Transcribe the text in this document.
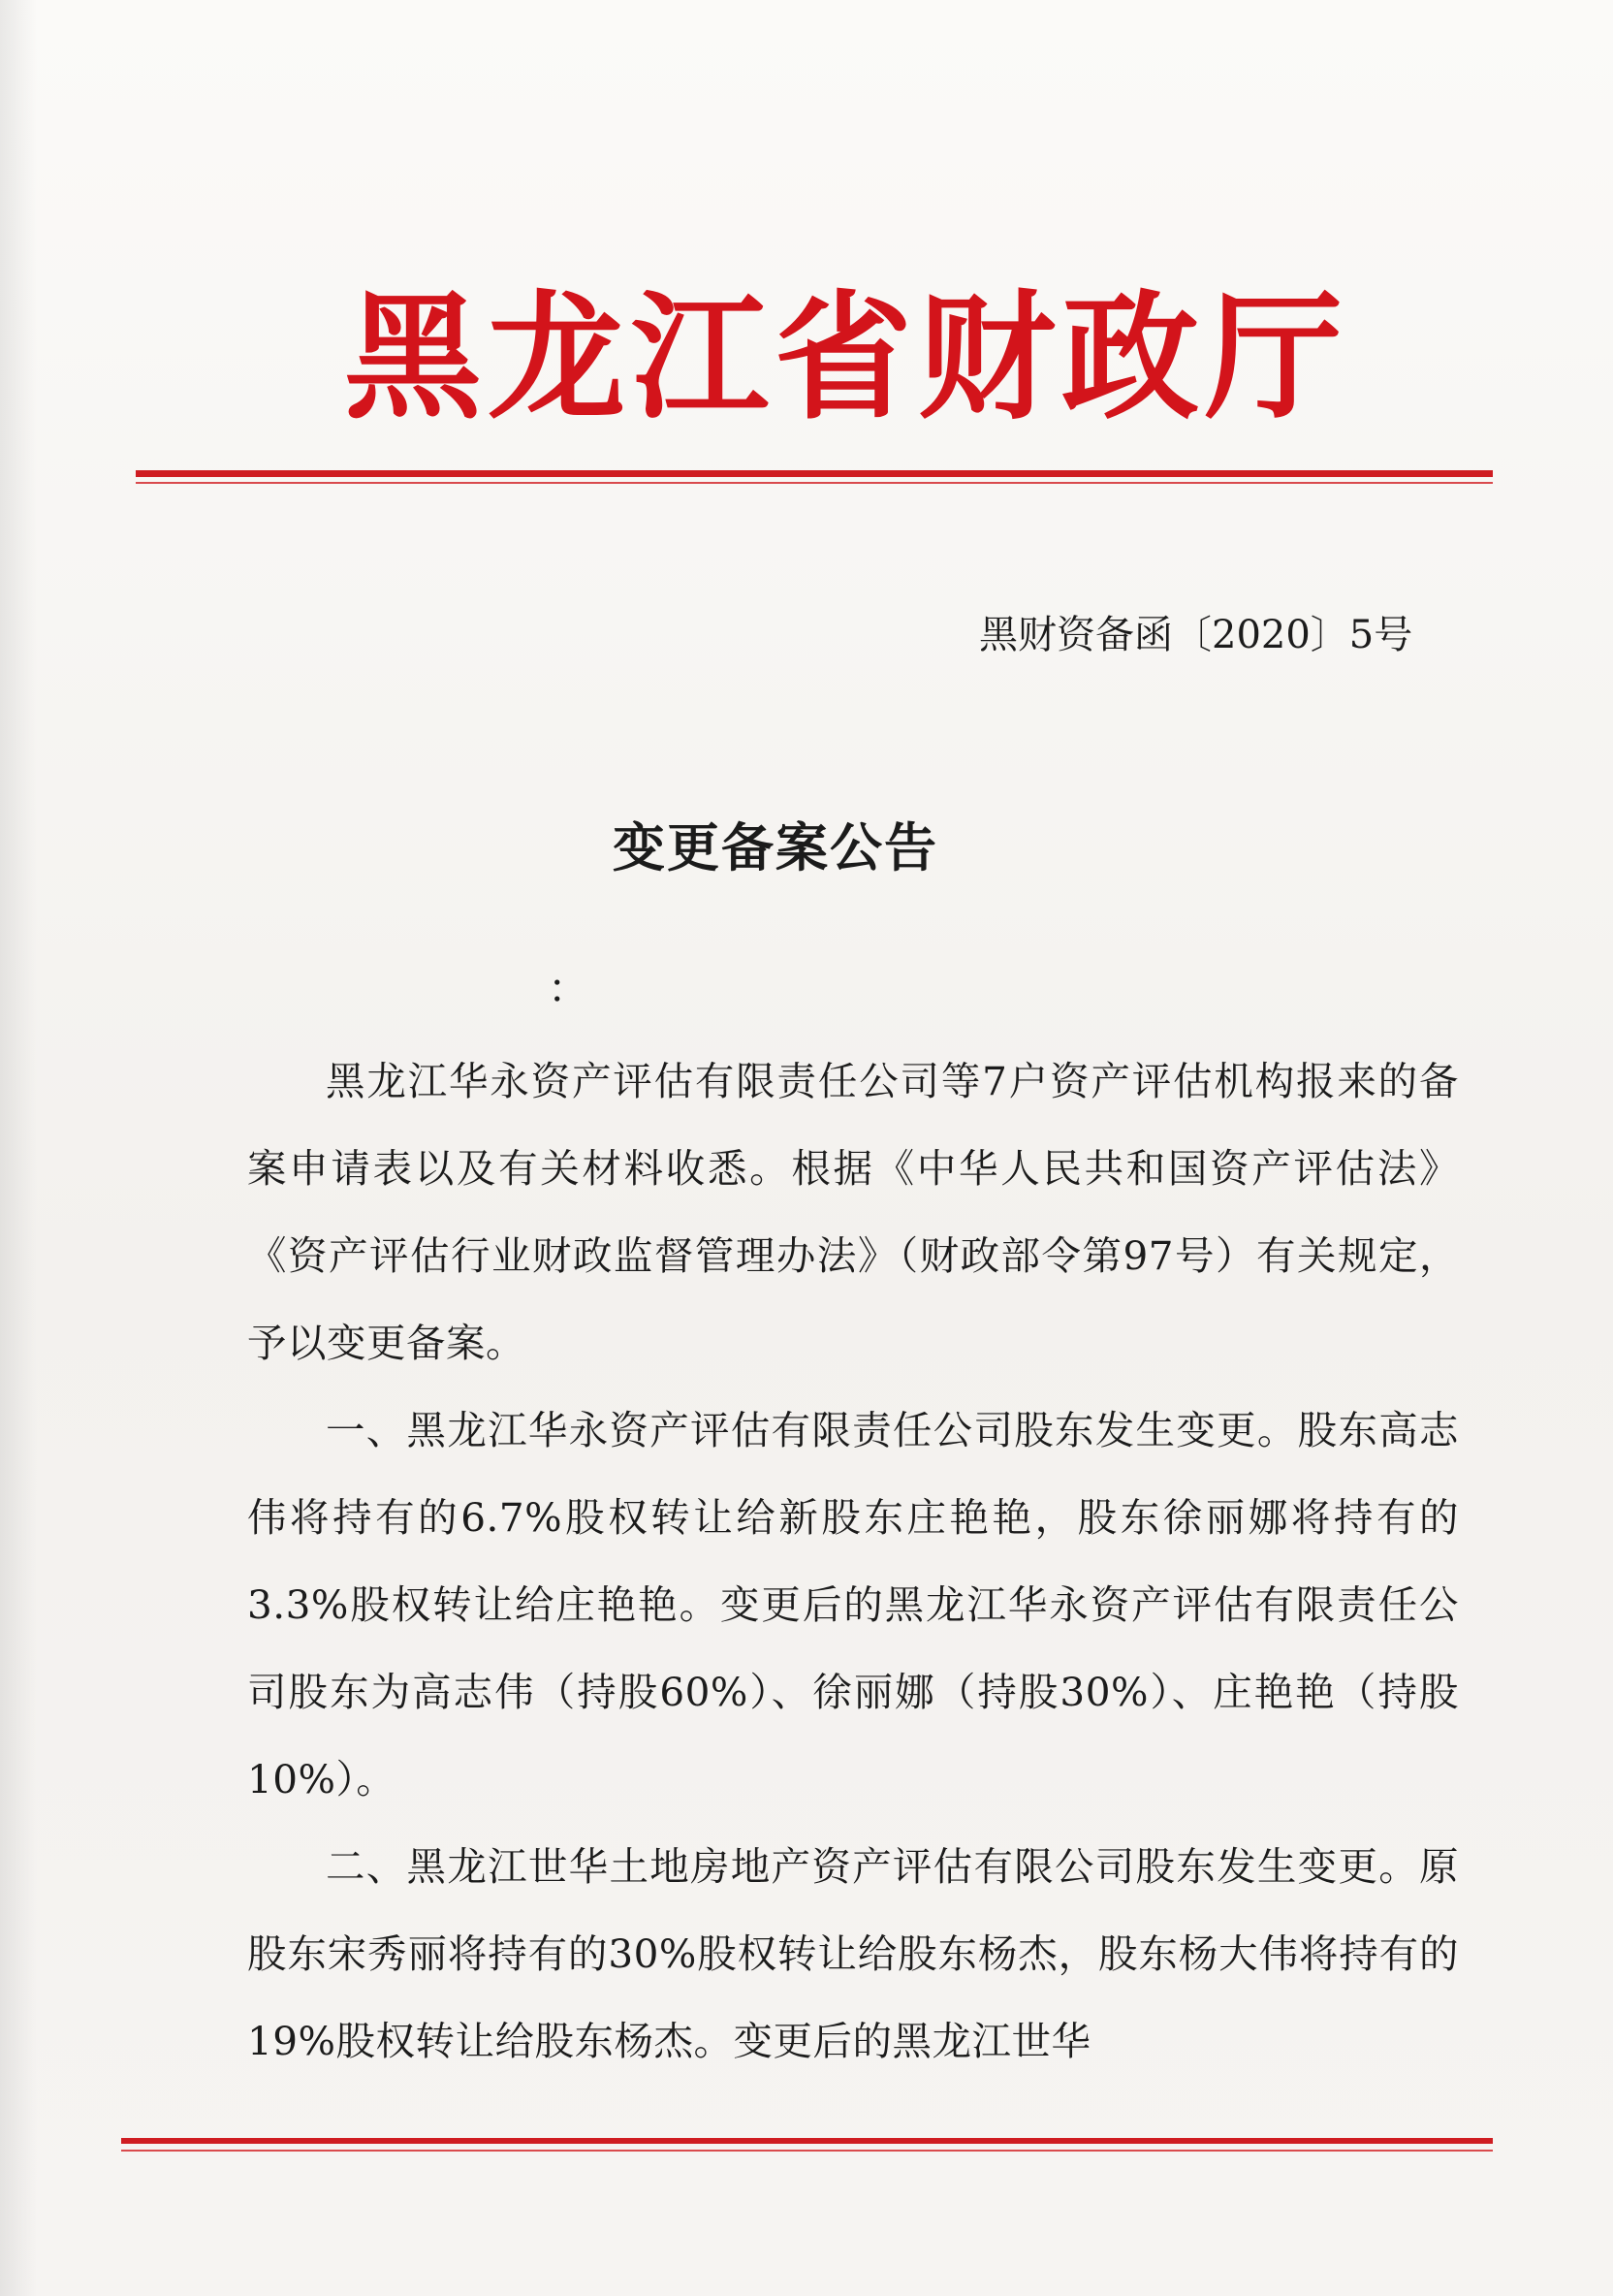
黑龙江省财政厅
黑财资备函〔2020〕5号
变更备案公告
：

黑龙江华永资产评估有限责任公司等7户资产评估机构报来的备案申请表以及有关材料收悉。根据《中华人民共和国资产评估法》《资产评估行业财政监督管理办法》（财政部令第97号）有关规定，予以变更备案。

一、黑龙江华永资产评估有限责任公司股东发生变更。股东高志伟将持有的6.7%股权转让给新股东庄艳艳，股东徐丽娜将持有的3.3%股权转让给庄艳艳。变更后的黑龙江华永资产评估有限责任公司股东为高志伟（持股60%）、徐丽娜（持股30%）、庄艳艳（持股10%）。

二、黑龙江世华土地房地产资产评估有限公司股东发生变更。原股东宋秀丽将持有的30%股权转让给股东杨杰，股东杨大伟将持有的19%股权转让给股东杨杰。变更后的黑龙江世华
